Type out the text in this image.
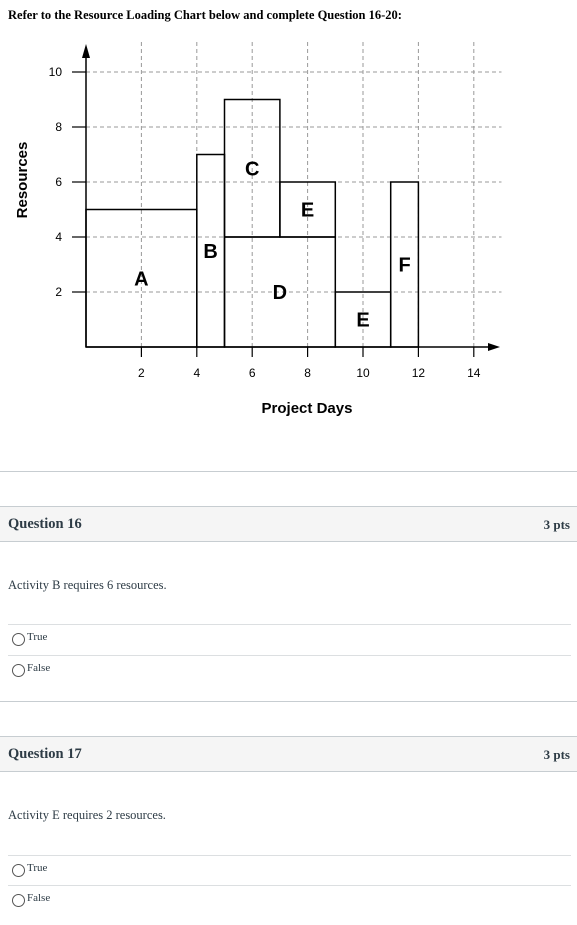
Refer to the Resource Loading Chart below and complete Question 16-20:
A
B
C
D
E
E
F
2	4	6	8	10	12	14
2
4
6
8
10
Project Days
Resources
Question 16	3 pts
Activity B requires 6 resources.
True
False
Question 17	3 pts
Activity E requires 2 resources.
True
False
